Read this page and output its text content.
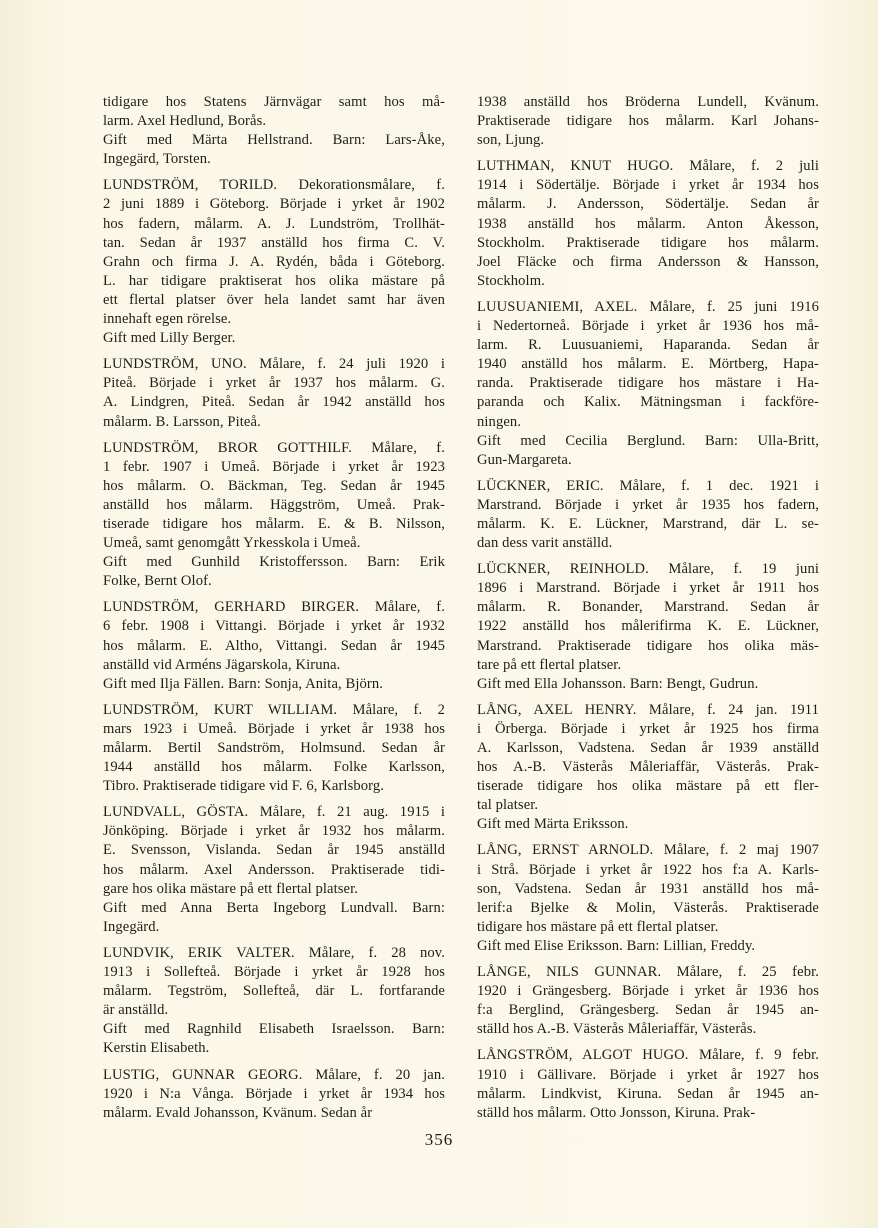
tidigare hos Statens Järnvägar samt hos må-
larm. Axel Hedlund, Borås.
Gift med Märta Hellstrand. Barn: Lars-Åke,
Ingegärd, Torsten.
LUNDSTRÖM, TORILD. Dekorationsmålare, f.
2 juni 1889 i Göteborg. Började i yrket år 1902
hos fadern, målarm. A. J. Lundström, Trollhät-
tan. Sedan år 1937 anställd hos firma C. V.
Grahn och firma J. A. Rydén, båda i Göteborg.
L. har tidigare praktiserat hos olika mästare på
ett flertal platser över hela landet samt har även
innehaft egen rörelse.
Gift med Lilly Berger.
LUNDSTRÖM, UNO. Målare, f. 24 juli 1920 i
Piteå. Började i yrket år 1937 hos målarm. G.
A. Lindgren, Piteå. Sedan år 1942 anställd hos
målarm. B. Larsson, Piteå.
LUNDSTRÖM, BROR GOTTHILF. Målare, f.
1 febr. 1907 i Umeå. Började i yrket år 1923
hos målarm. O. Bäckman, Teg. Sedan år 1945
anställd hos målarm. Häggström, Umeå. Prak-
tiserade tidigare hos målarm. E. & B. Nilsson,
Umeå, samt genomgått Yrkesskola i Umeå.
Gift med Gunhild Kristoffersson. Barn: Erik
Folke, Bernt Olof.
LUNDSTRÖM, GERHARD BIRGER. Målare, f.
6 febr. 1908 i Vittangi. Började i yrket år 1932
hos målarm. E. Altho, Vittangi. Sedan år 1945
anställd vid Arméns Jägarskola, Kiruna.
Gift med Ilja Fällen. Barn: Sonja, Anita, Björn.
LUNDSTRÖM, KURT WILLIAM. Målare, f. 2
mars 1923 i Umeå. Började i yrket år 1938 hos
målarm. Bertil Sandström, Holmsund. Sedan år
1944 anställd hos målarm. Folke Karlsson,
Tibro. Praktiserade tidigare vid F. 6, Karlsborg.
LUNDVALL, GÖSTA. Målare, f. 21 aug. 1915 i
Jönköping. Började i yrket år 1932 hos målarm.
E. Svensson, Vislanda. Sedan år 1945 anställd
hos målarm. Axel Andersson. Praktiserade tidi-
gare hos olika mästare på ett flertal platser.
Gift med Anna Berta Ingeborg Lundvall. Barn:
Ingegärd.
LUNDVIK, ERIK VALTER. Målare, f. 28 nov.
1913 i Sollefteå. Började i yrket år 1928 hos
målarm. Tegström, Sollefteå, där L. fortfarande
är anställd.
Gift med Ragnhild Elisabeth Israelsson. Barn:
Kerstin Elisabeth.
LUSTIG, GUNNAR GEORG. Målare, f. 20 jan.
1920 i N:a Vånga. Började i yrket år 1934 hos
målarm. Evald Johansson, Kvänum. Sedan år
1938 anställd hos Bröderna Lundell, Kvänum.
Praktiserade tidigare hos målarm. Karl Johans-
son, Ljung.
LUTHMAN, KNUT HUGO. Målare, f. 2 juli
1914 i Södertälje. Började i yrket år 1934 hos
målarm. J. Andersson, Södertälje. Sedan år
1938 anställd hos målarm. Anton Åkesson,
Stockholm. Praktiserade tidigare hos målarm.
Joel Fläcke och firma Andersson & Hansson,
Stockholm.
LUUSUANIEMI, AXEL. Målare, f. 25 juni 1916
i Nedertorneå. Började i yrket år 1936 hos må-
larm. R. Luusuaniemi, Haparanda. Sedan år
1940 anställd hos målarm. E. Mörtberg, Hapa-
randa. Praktiserade tidigare hos mästare i Ha-
paranda och Kalix. Mätningsman i fackföre-
ningen.
Gift med Cecilia Berglund. Barn: Ulla-Britt,
Gun-Margareta.
LÜCKNER, ERIC. Målare, f. 1 dec. 1921 i
Marstrand. Började i yrket år 1935 hos fadern,
målarm. K. E. Lückner, Marstrand, där L. se-
dan dess varit anställd.
LÜCKNER, REINHOLD. Målare, f. 19 juni
1896 i Marstrand. Började i yrket år 1911 hos
målarm. R. Bonander, Marstrand. Sedan år
1922 anställd hos målerifirma K. E. Lückner,
Marstrand. Praktiserade tidigare hos olika mäs-
tare på ett flertal platser.
Gift med Ella Johansson. Barn: Bengt, Gudrun.
LÅNG, AXEL HENRY. Målare, f. 24 jan. 1911
i Örberga. Började i yrket år 1925 hos firma
A. Karlsson, Vadstena. Sedan år 1939 anställd
hos A.-B. Västerås Måleriaffär, Västerås. Prak-
tiserade tidigare hos olika mästare på ett fler-
tal platser.
Gift med Märta Eriksson.
LÅNG, ERNST ARNOLD. Målare, f. 2 maj 1907
i Strå. Började i yrket år 1922 hos f:a A. Karls-
son, Vadstena. Sedan år 1931 anställd hos må-
lerif:a Bjelke & Molin, Västerås. Praktiserade
tidigare hos mästare på ett flertal platser.
Gift med Elise Eriksson. Barn: Lillian, Freddy.
LÅNGE, NILS GUNNAR. Målare, f. 25 febr.
1920 i Grängesberg. Började i yrket år 1936 hos
f:a Berglind, Grängesberg. Sedan år 1945 an-
ställd hos A.-B. Västerås Måleriaffär, Västerås.
LÅNGSTRÖM, ALGOT HUGO. Målare, f. 9 febr.
1910 i Gällivare. Började i yrket år 1927 hos
målarm. Lindkvist, Kiruna. Sedan år 1945 an-
ställd hos målarm. Otto Jonsson, Kiruna. Prak-
356
